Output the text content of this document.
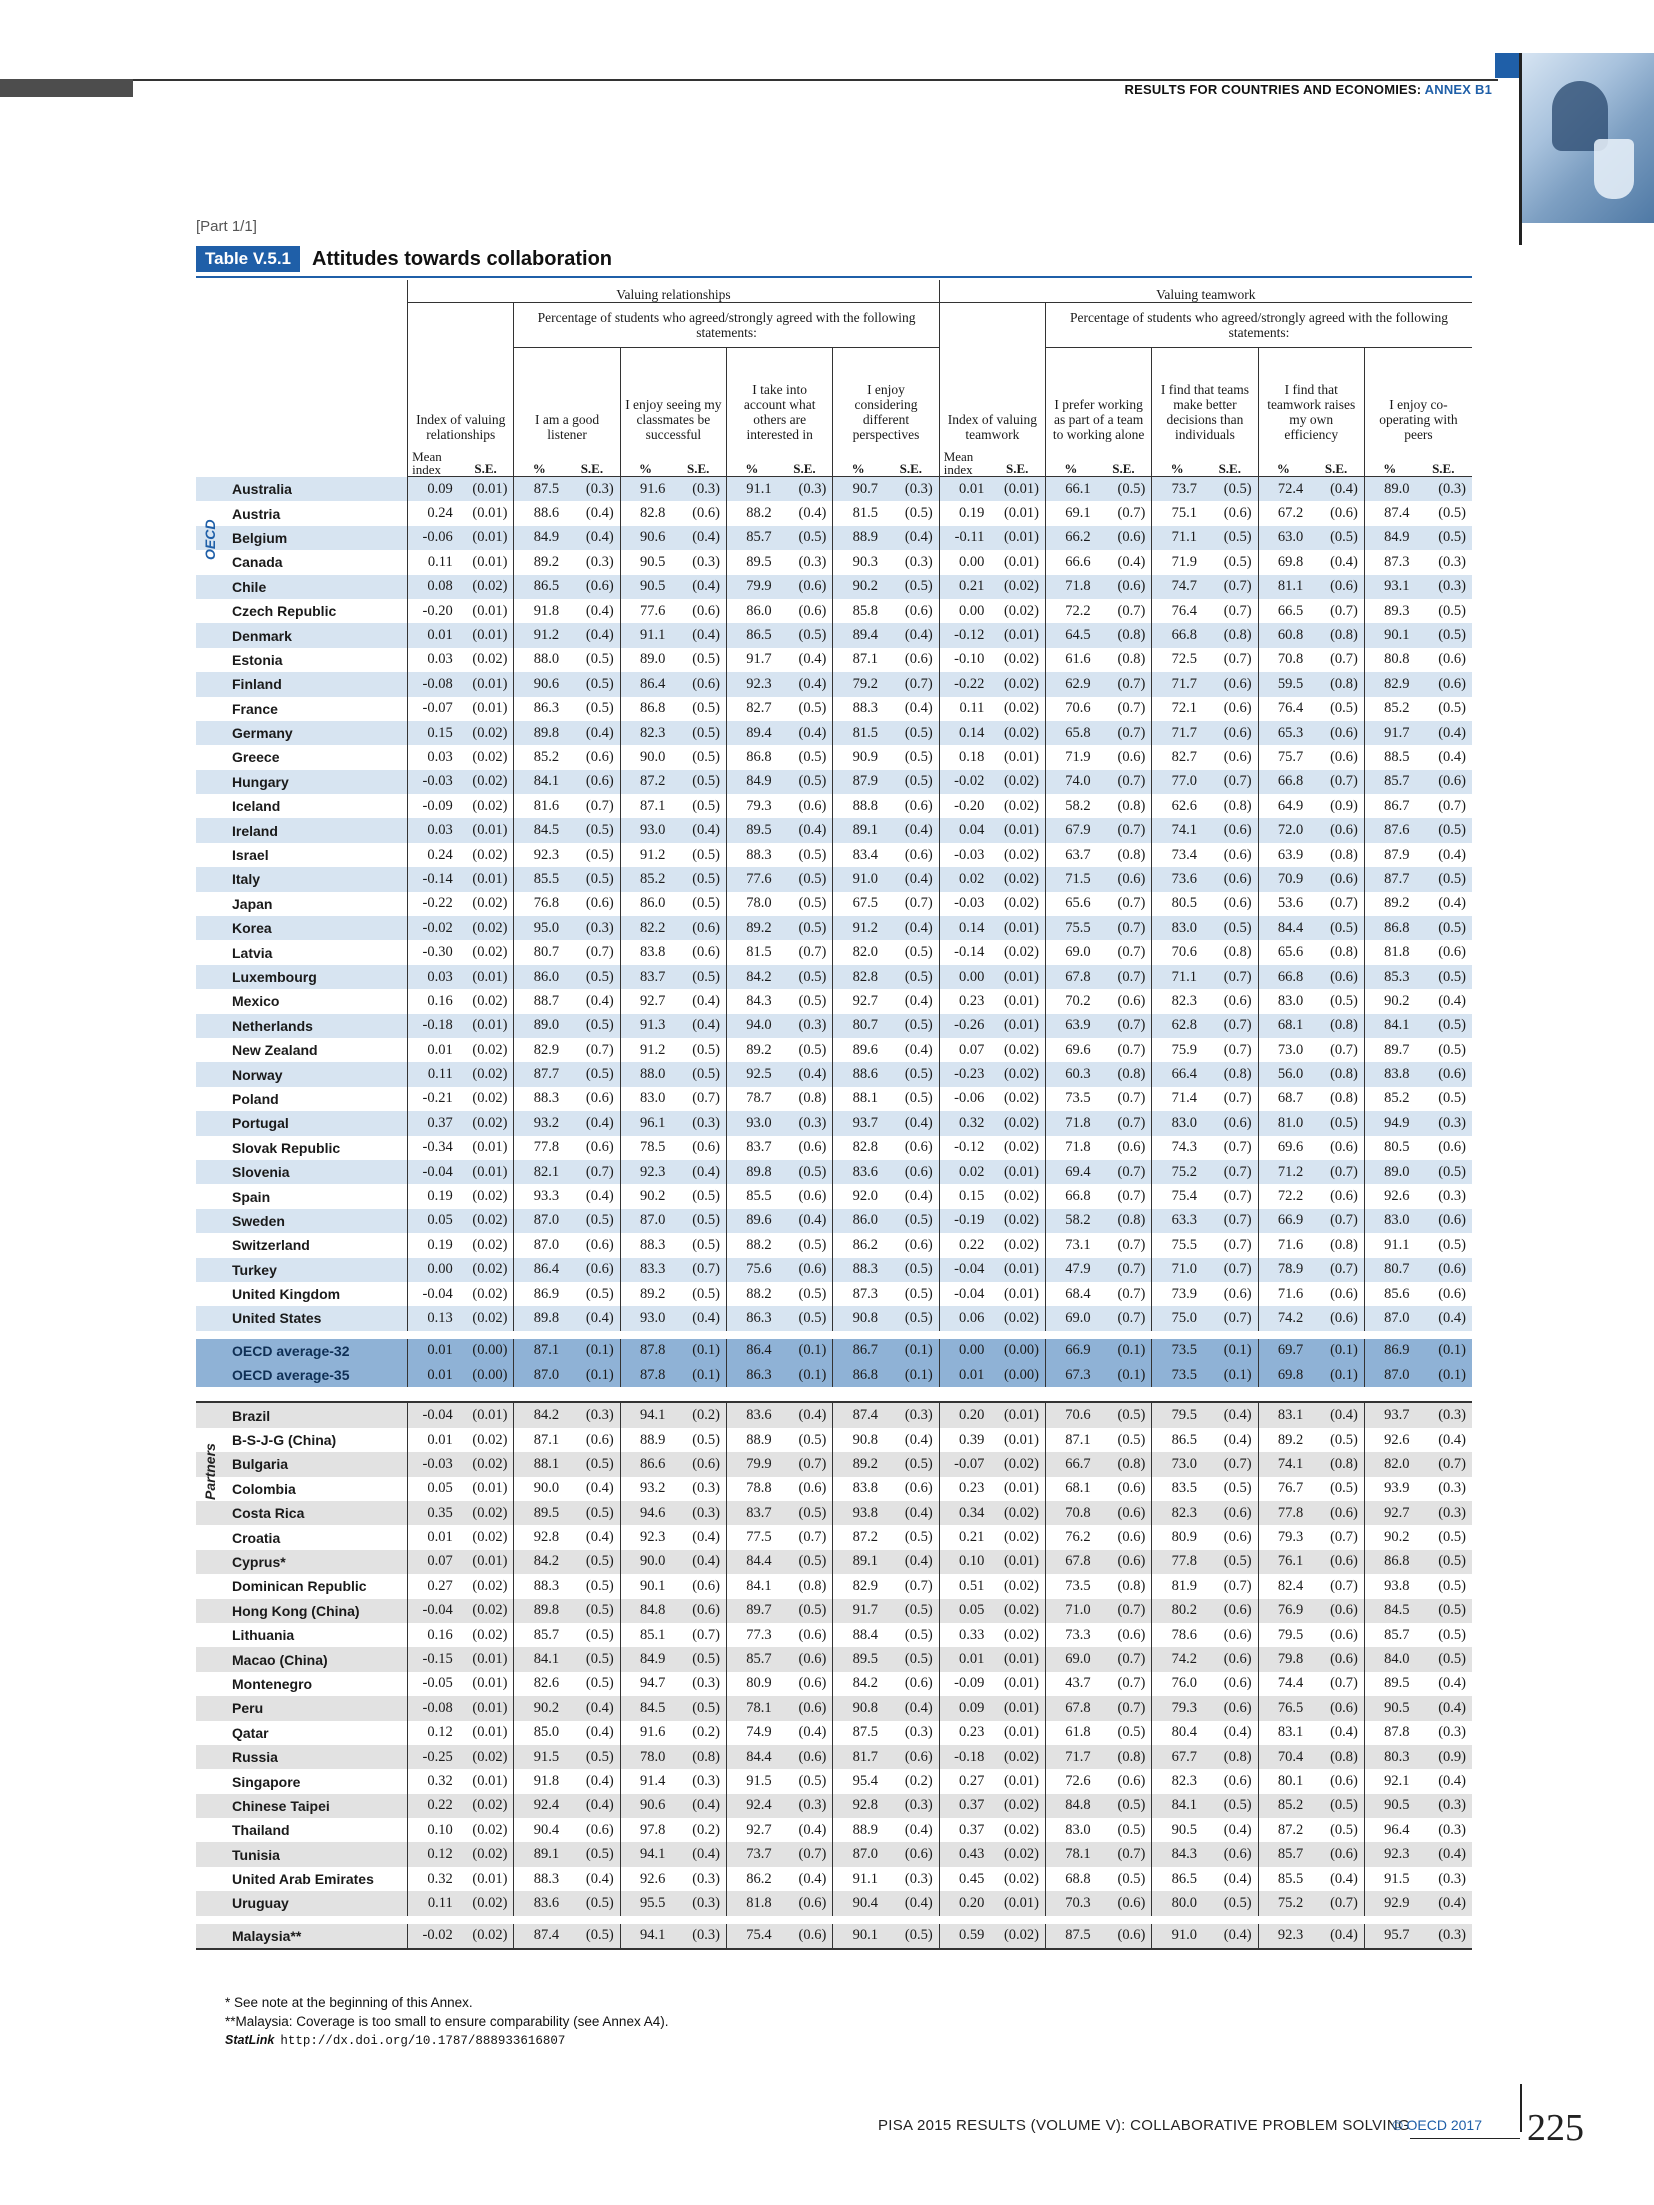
RESULTS FOR COUNTRIES AND ECONOMIES: ANNEX B1
[Part 1/1]
Table V.5.1	Attitudes towards collaboration
	Valuing relationships										Valuing teamwork									
			Percentage of students who agreed/strongly agreed with the following statements:										Percentage of students who agreed/strongly agreed with the following statements:							
	Index of valuing relationships		I am a good listener		I enjoy seeing my classmates be successful		I take into account what others are interested in		I enjoy considering different perspectives		Index of valuing teamwork		I prefer working as part of a team to working alone		I find that teams make better decisions than individuals		I find that teamwork raises my own efficiency		I enjoy co-operating with peers	
	Mean index	S.E.	%	S.E.	%	S.E.	%	S.E.	%	S.E.	Mean index	S.E.	%	S.E.	%	S.E.	%	S.E.	%	S.E.
Australia	0.09	(0.01)	87.5	(0.3)	91.6	(0.3)	91.1	(0.3)	90.7	(0.3)	0.01	(0.01)	66.1	(0.5)	73.7	(0.5)	72.4	(0.4)	89.0	(0.3)
Austria	0.24	(0.01)	88.6	(0.4)	82.8	(0.6)	88.2	(0.4)	81.5	(0.5)	0.19	(0.01)	69.1	(0.7)	75.1	(0.6)	67.2	(0.6)	87.4	(0.5)
Belgium	-0.06	(0.01)	84.9	(0.4)	90.6	(0.4)	85.7	(0.5)	88.9	(0.4)	-0.11	(0.01)	66.2	(0.6)	71.1	(0.5)	63.0	(0.5)	84.9	(0.5)
Canada	0.11	(0.01)	89.2	(0.3)	90.5	(0.3)	89.5	(0.3)	90.3	(0.3)	0.00	(0.01)	66.6	(0.4)	71.9	(0.5)	69.8	(0.4)	87.3	(0.3)
Chile	0.08	(0.02)	86.5	(0.6)	90.5	(0.4)	79.9	(0.6)	90.2	(0.5)	0.21	(0.02)	71.8	(0.6)	74.7	(0.7)	81.1	(0.6)	93.1	(0.3)
Czech Republic	-0.20	(0.01)	91.8	(0.4)	77.6	(0.6)	86.0	(0.6)	85.8	(0.6)	0.00	(0.02)	72.2	(0.7)	76.4	(0.7)	66.5	(0.7)	89.3	(0.5)
Denmark	0.01	(0.01)	91.2	(0.4)	91.1	(0.4)	86.5	(0.5)	89.4	(0.4)	-0.12	(0.01)	64.5	(0.8)	66.8	(0.8)	60.8	(0.8)	90.1	(0.5)
Estonia	0.03	(0.02)	88.0	(0.5)	89.0	(0.5)	91.7	(0.4)	87.1	(0.6)	-0.10	(0.02)	61.6	(0.8)	72.5	(0.7)	70.8	(0.7)	80.8	(0.6)
Finland	-0.08	(0.01)	90.6	(0.5)	86.4	(0.6)	92.3	(0.4)	79.2	(0.7)	-0.22	(0.02)	62.9	(0.7)	71.7	(0.6)	59.5	(0.8)	82.9	(0.6)
France	-0.07	(0.01)	86.3	(0.5)	86.8	(0.5)	82.7	(0.5)	88.3	(0.4)	0.11	(0.02)	70.6	(0.7)	72.1	(0.6)	76.4	(0.5)	85.2	(0.5)
Germany	0.15	(0.02)	89.8	(0.4)	82.3	(0.5)	89.4	(0.4)	81.5	(0.5)	0.14	(0.02)	65.8	(0.7)	71.7	(0.6)	65.3	(0.6)	91.7	(0.4)
Greece	0.03	(0.02)	85.2	(0.6)	90.0	(0.5)	86.8	(0.5)	90.9	(0.5)	0.18	(0.01)	71.9	(0.6)	82.7	(0.6)	75.7	(0.6)	88.5	(0.4)
Hungary	-0.03	(0.02)	84.1	(0.6)	87.2	(0.5)	84.9	(0.5)	87.9	(0.5)	-0.02	(0.02)	74.0	(0.7)	77.0	(0.7)	66.8	(0.7)	85.7	(0.6)
Iceland	-0.09	(0.02)	81.6	(0.7)	87.1	(0.5)	79.3	(0.6)	88.8	(0.6)	-0.20	(0.02)	58.2	(0.8)	62.6	(0.8)	64.9	(0.9)	86.7	(0.7)
Ireland	0.03	(0.01)	84.5	(0.5)	93.0	(0.4)	89.5	(0.4)	89.1	(0.4)	0.04	(0.01)	67.9	(0.7)	74.1	(0.6)	72.0	(0.6)	87.6	(0.5)
Israel	0.24	(0.02)	92.3	(0.5)	91.2	(0.5)	88.3	(0.5)	83.4	(0.6)	-0.03	(0.02)	63.7	(0.8)	73.4	(0.6)	63.9	(0.8)	87.9	(0.4)
Italy	-0.14	(0.01)	85.5	(0.5)	85.2	(0.5)	77.6	(0.5)	91.0	(0.4)	0.02	(0.02)	71.5	(0.6)	73.6	(0.6)	70.9	(0.6)	87.7	(0.5)
Japan	-0.22	(0.02)	76.8	(0.6)	86.0	(0.5)	78.0	(0.5)	67.5	(0.7)	-0.03	(0.02)	65.6	(0.7)	80.5	(0.6)	53.6	(0.7)	89.2	(0.4)
Korea	-0.02	(0.02)	95.0	(0.3)	82.2	(0.6)	89.2	(0.5)	91.2	(0.4)	0.14	(0.01)	75.5	(0.7)	83.0	(0.5)	84.4	(0.5)	86.8	(0.5)
Latvia	-0.30	(0.02)	80.7	(0.7)	83.8	(0.6)	81.5	(0.7)	82.0	(0.5)	-0.14	(0.02)	69.0	(0.7)	70.6	(0.8)	65.6	(0.8)	81.8	(0.6)
Luxembourg	0.03	(0.01)	86.0	(0.5)	83.7	(0.5)	84.2	(0.5)	82.8	(0.5)	0.00	(0.01)	67.8	(0.7)	71.1	(0.7)	66.8	(0.6)	85.3	(0.5)
Mexico	0.16	(0.02)	88.7	(0.4)	92.7	(0.4)	84.3	(0.5)	92.7	(0.4)	0.23	(0.01)	70.2	(0.6)	82.3	(0.6)	83.0	(0.5)	90.2	(0.4)
Netherlands	-0.18	(0.01)	89.0	(0.5)	91.3	(0.4)	94.0	(0.3)	80.7	(0.5)	-0.26	(0.01)	63.9	(0.7)	62.8	(0.7)	68.1	(0.8)	84.1	(0.5)
New Zealand	0.01	(0.02)	82.9	(0.7)	91.2	(0.5)	89.2	(0.5)	89.6	(0.4)	0.07	(0.02)	69.6	(0.7)	75.9	(0.7)	73.0	(0.7)	89.7	(0.5)
Norway	0.11	(0.02)	87.7	(0.5)	88.0	(0.5)	92.5	(0.4)	88.6	(0.5)	-0.23	(0.02)	60.3	(0.8)	66.4	(0.8)	56.0	(0.8)	83.8	(0.6)
Poland	-0.21	(0.02)	88.3	(0.6)	83.0	(0.7)	78.7	(0.8)	88.1	(0.5)	-0.06	(0.02)	73.5	(0.7)	71.4	(0.7)	68.7	(0.8)	85.2	(0.5)
Portugal	0.37	(0.02)	93.2	(0.4)	96.1	(0.3)	93.0	(0.3)	93.7	(0.4)	0.32	(0.02)	71.8	(0.7)	83.0	(0.6)	81.0	(0.5)	94.9	(0.3)
Slovak Republic	-0.34	(0.01)	77.8	(0.6)	78.5	(0.6)	83.7	(0.6)	82.8	(0.6)	-0.12	(0.02)	71.8	(0.6)	74.3	(0.7)	69.6	(0.6)	80.5	(0.6)
Slovenia	-0.04	(0.01)	82.1	(0.7)	92.3	(0.4)	89.8	(0.5)	83.6	(0.6)	0.02	(0.01)	69.4	(0.7)	75.2	(0.7)	71.2	(0.7)	89.0	(0.5)
Spain	0.19	(0.02)	93.3	(0.4)	90.2	(0.5)	85.5	(0.6)	92.0	(0.4)	0.15	(0.02)	66.8	(0.7)	75.4	(0.7)	72.2	(0.6)	92.6	(0.3)
Sweden	0.05	(0.02)	87.0	(0.5)	87.0	(0.5)	89.6	(0.4)	86.0	(0.5)	-0.19	(0.02)	58.2	(0.8)	63.3	(0.7)	66.9	(0.7)	83.0	(0.6)
Switzerland	0.19	(0.02)	87.0	(0.6)	88.3	(0.5)	88.2	(0.5)	86.2	(0.6)	0.22	(0.02)	73.1	(0.7)	75.5	(0.7)	71.6	(0.8)	91.1	(0.5)
Turkey	0.00	(0.02)	86.4	(0.6)	83.3	(0.7)	75.6	(0.6)	88.3	(0.5)	-0.04	(0.01)	47.9	(0.7)	71.0	(0.7)	78.9	(0.7)	80.7	(0.6)
United Kingdom	-0.04	(0.02)	86.9	(0.5)	89.2	(0.5)	88.2	(0.5)	87.3	(0.5)	-0.04	(0.01)	68.4	(0.7)	73.9	(0.6)	71.6	(0.6)	85.6	(0.6)
United States	0.13	(0.02)	89.8	(0.4)	93.0	(0.4)	86.3	(0.5)	90.8	(0.5)	0.06	(0.02)	69.0	(0.7)	75.0	(0.7)	74.2	(0.6)	87.0	(0.4)

OECD average-32	0.01	(0.00)	87.1	(0.1)	87.8	(0.1)	86.4	(0.1)	86.7	(0.1)	0.00	(0.00)	66.9	(0.1)	73.5	(0.1)	69.7	(0.1)	86.9	(0.1)
OECD average-35	0.01	(0.00)	87.0	(0.1)	87.8	(0.1)	86.3	(0.1)	86.8	(0.1)	0.01	(0.00)	67.3	(0.1)	73.5	(0.1)	69.8	(0.1)	87.0	(0.1)

Brazil	-0.04	(0.01)	84.2	(0.3)	94.1	(0.2)	83.6	(0.4)	87.4	(0.3)	0.20	(0.01)	70.6	(0.5)	79.5	(0.4)	83.1	(0.4)	93.7	(0.3)
B-S-J-G (China)	0.01	(0.02)	87.1	(0.6)	88.9	(0.5)	88.9	(0.5)	90.8	(0.4)	0.39	(0.01)	87.1	(0.5)	86.5	(0.4)	89.2	(0.5)	92.6	(0.4)
Bulgaria	-0.03	(0.02)	88.1	(0.5)	86.6	(0.6)	79.9	(0.7)	89.2	(0.5)	-0.07	(0.02)	66.7	(0.8)	73.0	(0.7)	74.1	(0.8)	82.0	(0.7)
Colombia	0.05	(0.01)	90.0	(0.4)	93.2	(0.3)	78.8	(0.6)	83.8	(0.6)	0.23	(0.01)	68.1	(0.6)	83.5	(0.5)	76.7	(0.5)	93.9	(0.3)
Costa Rica	0.35	(0.02)	89.5	(0.5)	94.6	(0.3)	83.7	(0.5)	93.8	(0.4)	0.34	(0.02)	70.8	(0.6)	82.3	(0.6)	77.8	(0.6)	92.7	(0.3)
Croatia	0.01	(0.02)	92.8	(0.4)	92.3	(0.4)	77.5	(0.7)	87.2	(0.5)	0.21	(0.02)	76.2	(0.6)	80.9	(0.6)	79.3	(0.7)	90.2	(0.5)
Cyprus*	0.07	(0.01)	84.2	(0.5)	90.0	(0.4)	84.4	(0.5)	89.1	(0.4)	0.10	(0.01)	67.8	(0.6)	77.8	(0.5)	76.1	(0.6)	86.8	(0.5)
Dominican Republic	0.27	(0.02)	88.3	(0.5)	90.1	(0.6)	84.1	(0.8)	82.9	(0.7)	0.51	(0.02)	73.5	(0.8)	81.9	(0.7)	82.4	(0.7)	93.8	(0.5)
Hong Kong (China)	-0.04	(0.02)	89.8	(0.5)	84.8	(0.6)	89.7	(0.5)	91.7	(0.5)	0.05	(0.02)	71.0	(0.7)	80.2	(0.6)	76.9	(0.6)	84.5	(0.5)
Lithuania	0.16	(0.02)	85.7	(0.5)	85.1	(0.7)	77.3	(0.6)	88.4	(0.5)	0.33	(0.02)	73.3	(0.6)	78.6	(0.6)	79.5	(0.6)	85.7	(0.5)
Macao (China)	-0.15	(0.01)	84.1	(0.5)	84.9	(0.5)	85.7	(0.6)	89.5	(0.5)	0.01	(0.01)	69.0	(0.7)	74.2	(0.6)	79.8	(0.6)	84.0	(0.5)
Montenegro	-0.05	(0.01)	82.6	(0.5)	94.7	(0.3)	80.9	(0.6)	84.2	(0.6)	-0.09	(0.01)	43.7	(0.7)	76.0	(0.6)	74.4	(0.7)	89.5	(0.4)
Peru	-0.08	(0.01)	90.2	(0.4)	84.5	(0.5)	78.1	(0.6)	90.8	(0.4)	0.09	(0.01)	67.8	(0.7)	79.3	(0.6)	76.5	(0.6)	90.5	(0.4)
Qatar	0.12	(0.01)	85.0	(0.4)	91.6	(0.2)	74.9	(0.4)	87.5	(0.3)	0.23	(0.01)	61.8	(0.5)	80.4	(0.4)	83.1	(0.4)	87.8	(0.3)
Russia	-0.25	(0.02)	91.5	(0.5)	78.0	(0.8)	84.4	(0.6)	81.7	(0.6)	-0.18	(0.02)	71.7	(0.8)	67.7	(0.8)	70.4	(0.8)	80.3	(0.9)
Singapore	0.32	(0.01)	91.8	(0.4)	91.4	(0.3)	91.5	(0.5)	95.4	(0.2)	0.27	(0.01)	72.6	(0.6)	82.3	(0.6)	80.1	(0.6)	92.1	(0.4)
Chinese Taipei	0.22	(0.02)	92.4	(0.4)	90.6	(0.4)	92.4	(0.3)	92.8	(0.3)	0.37	(0.02)	84.8	(0.5)	84.1	(0.5)	85.2	(0.5)	90.5	(0.3)
Thailand	0.10	(0.02)	90.4	(0.6)	97.8	(0.2)	92.7	(0.4)	88.9	(0.4)	0.37	(0.02)	83.0	(0.5)	90.5	(0.4)	87.2	(0.5)	96.4	(0.3)
Tunisia	0.12	(0.02)	89.1	(0.5)	94.1	(0.4)	73.7	(0.7)	87.0	(0.6)	0.43	(0.02)	78.1	(0.7)	84.3	(0.6)	85.7	(0.6)	92.3	(0.4)
United Arab Emirates	0.32	(0.01)	88.3	(0.4)	92.6	(0.3)	86.2	(0.4)	91.1	(0.3)	0.45	(0.02)	68.8	(0.5)	86.5	(0.4)	85.5	(0.4)	91.5	(0.3)
Uruguay	0.11	(0.02)	83.6	(0.5)	95.5	(0.3)	81.8	(0.6)	90.4	(0.4)	0.20	(0.01)	70.3	(0.6)	80.0	(0.5)	75.2	(0.7)	92.9	(0.4)

Malaysia**	-0.02	(0.02)	87.4	(0.5)	94.1	(0.3)	75.4	(0.6)	90.1	(0.5)	0.59	(0.02)	87.5	(0.6)	91.0	(0.4)	92.3	(0.4)	95.7	(0.3)
OECD
Partners
* See note at the beginning of this Annex.
**Malaysia: Coverage is too small to ensure comparability (see Annex A4).
StatLink http://dx.doi.org/10.1787/888933616807
PISA 2015 RESULTS (VOLUME V): COLLABORATIVE PROBLEM SOLVING
© OECD 2017 225
